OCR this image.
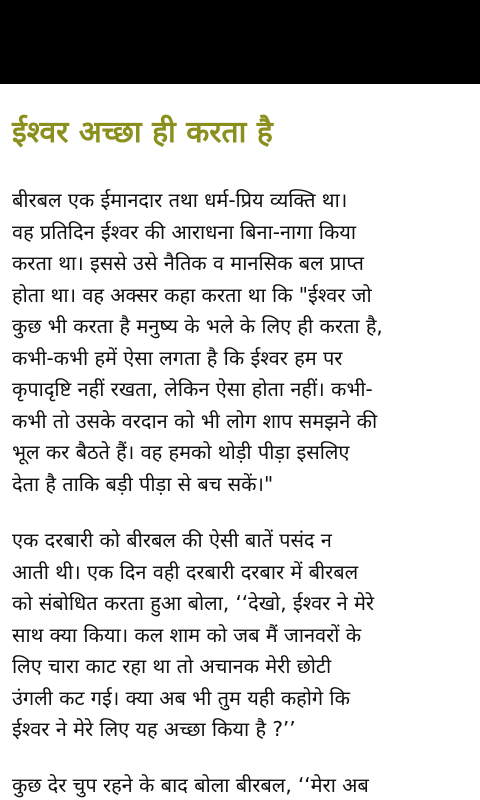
ईश्वर अच्छा ही करता है

बीरबल एक ईमानदार तथा धर्म-प्रिय व्यक्ति था।
वह प्रतिदिन ईश्वर की आराधना बिना-नागा किया
करता था। इससे उसे नैतिक व मानसिक बल प्राप्त
होता था। वह अक्सर कहा करता था कि "ईश्वर जो
कुछ भी करता है मनुष्य के भले के लिए ही करता है,
कभी-कभी हमें ऐसा लगता है कि ईश्वर हम पर
कृपादृष्टि नहीं रखता, लेकिन ऐसा होता नहीं। कभी-
कभी तो उसके वरदान को भी लोग शाप समझने की
भूल कर बैठते हैं। वह हमको थोड़ी पीड़ा इसलिए
देता है ताकि बड़ी पीड़ा से बच सकें।"

एक दरबारी को बीरबल की ऐसी बातें पसंद न
आती थी। एक दिन वही दरबारी दरबार में बीरबल
को संबोधित करता हुआ बोला, ‘‘देखो, ईश्वर ने मेरे
साथ क्या किया। कल शाम को जब मैं जानवरों के
लिए चारा काट रहा था तो अचानक मेरी छोटी
उंगली कट गई। क्या अब भी तुम यही कहोगे कि
ईश्वर ने मेरे लिए यह अच्छा किया है ?’’

कुछ देर चुप रहने के बाद बोला बीरबल, ‘‘मेरा अब
